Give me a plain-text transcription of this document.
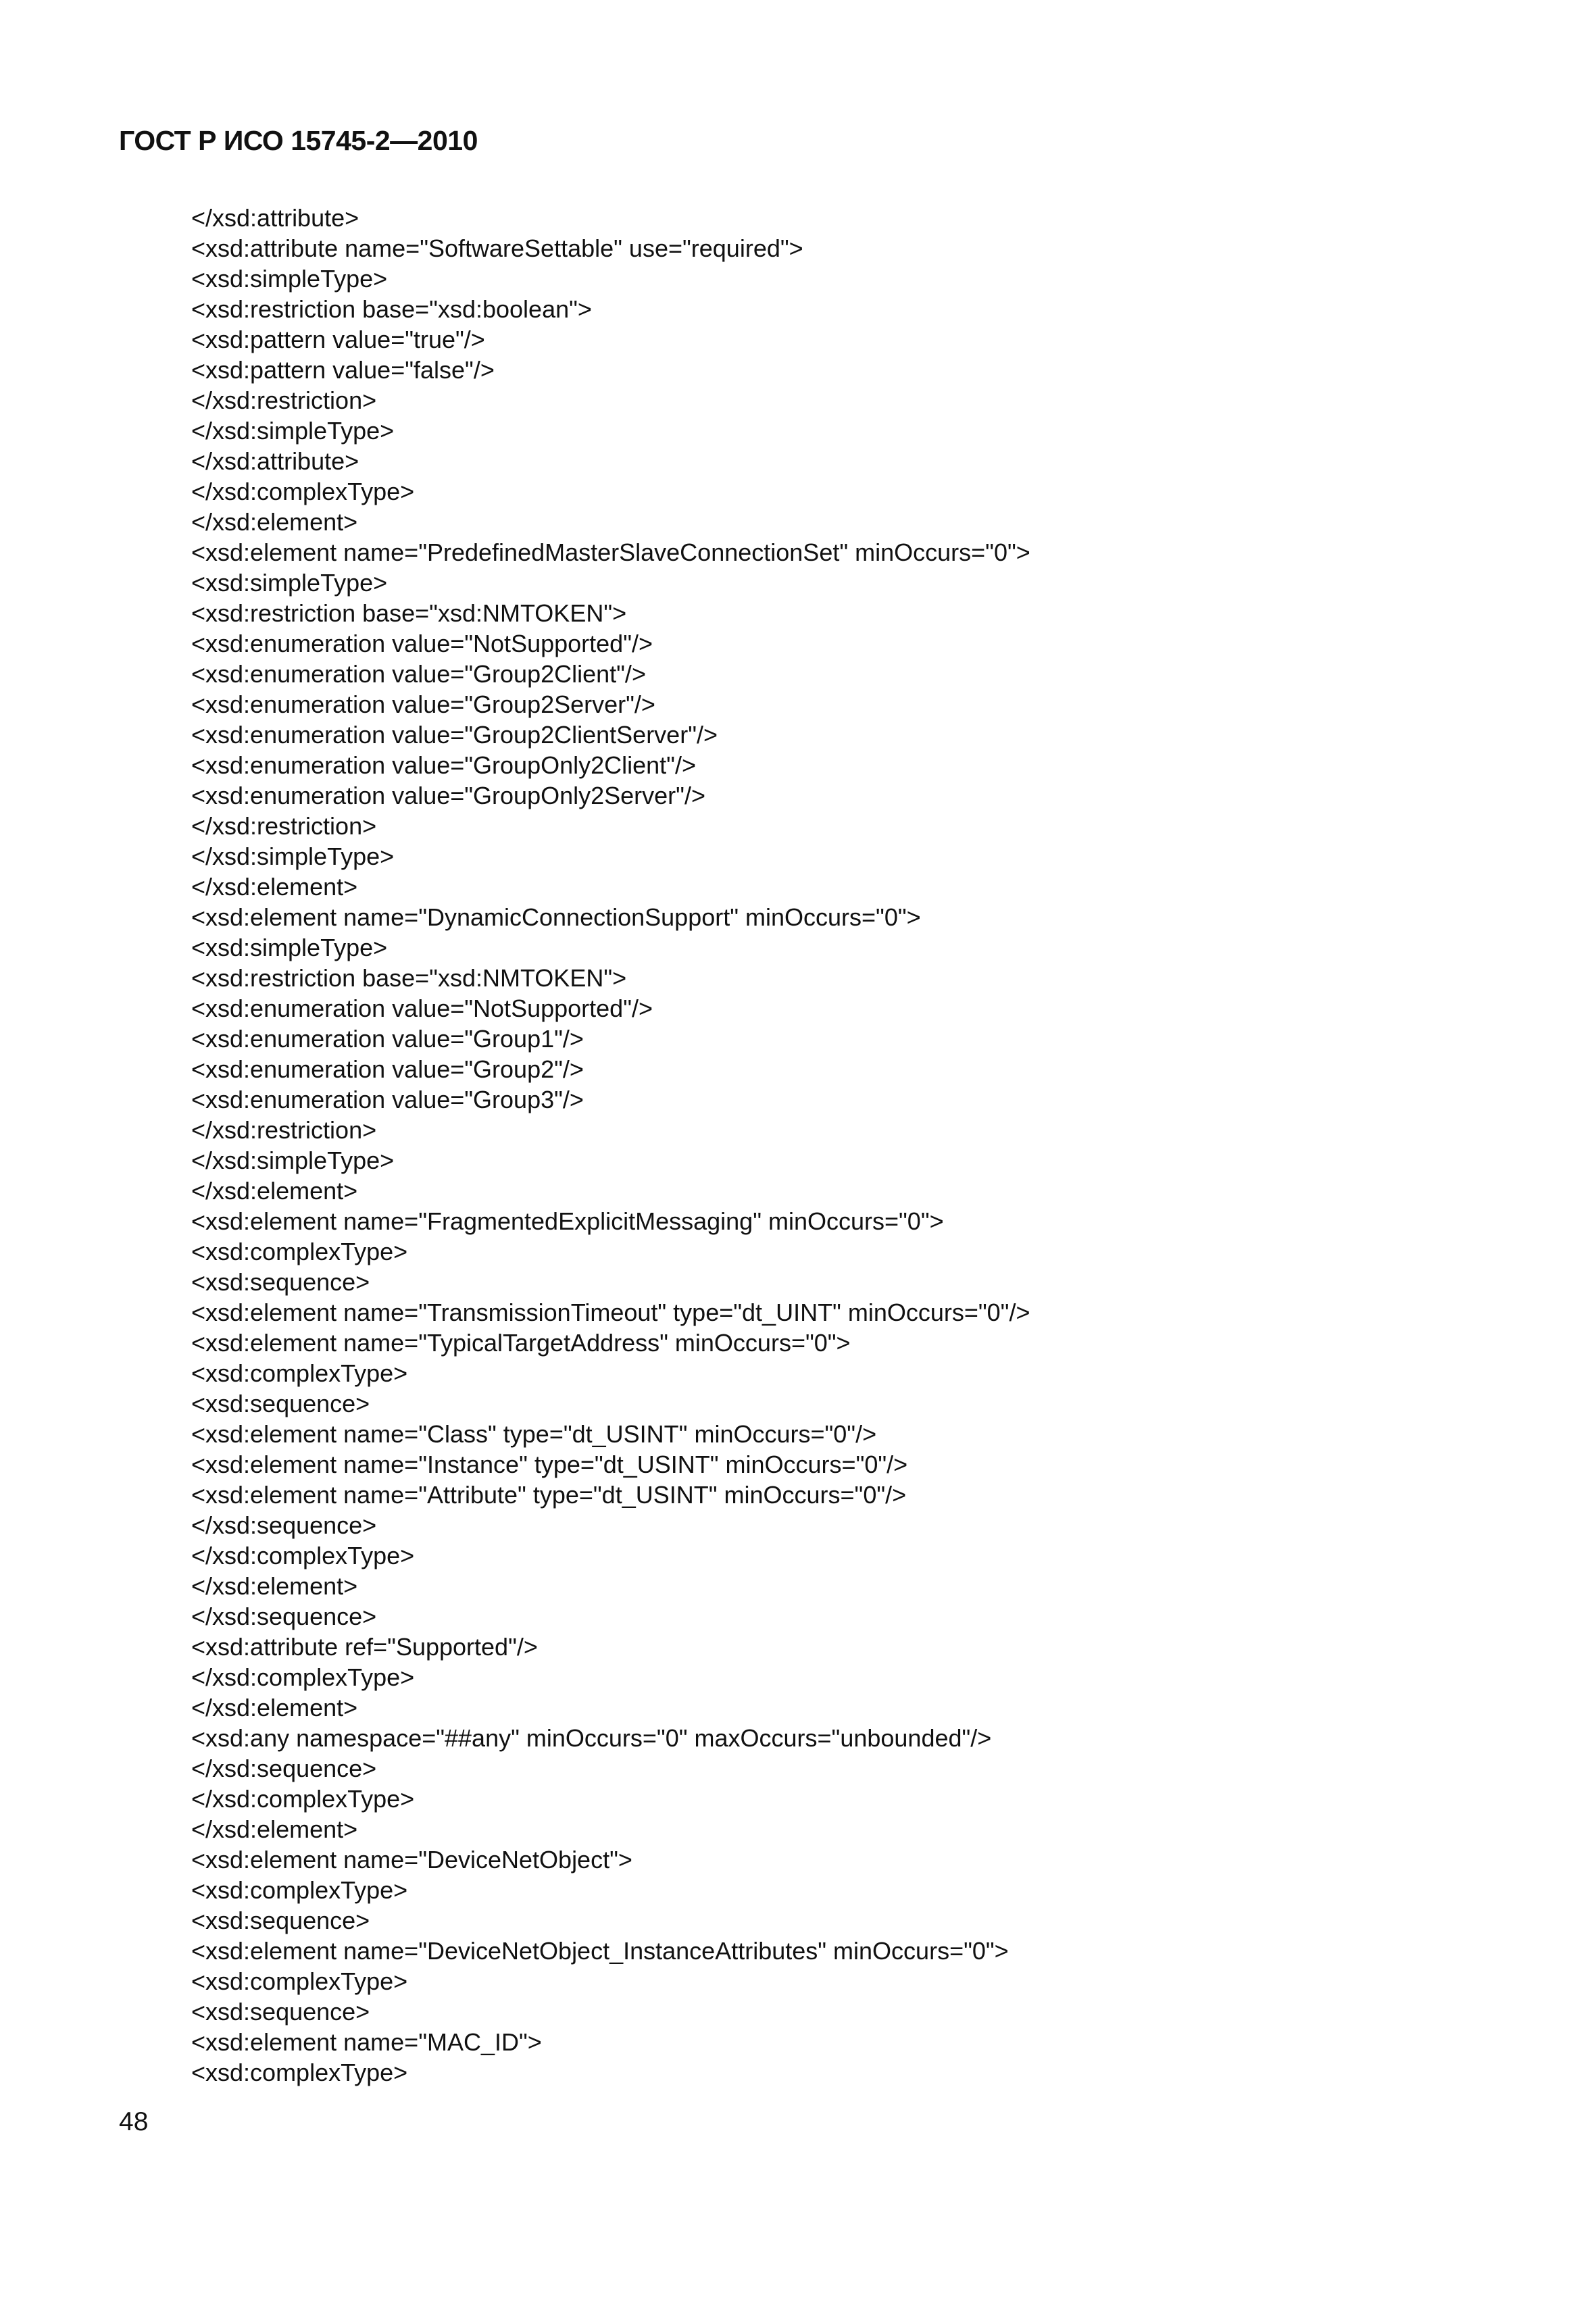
ГОСТ Р ИСО 15745-2—2010
</xsd:attribute>
<xsd:attribute name="SoftwareSettable" use="required">
<xsd:simpleType>
<xsd:restriction base="xsd:boolean">
<xsd:pattern value="true"/>
<xsd:pattern value="false"/>
</xsd:restriction>
</xsd:simpleType>
</xsd:attribute>
</xsd:complexType>
</xsd:element>
<xsd:element name="PredefinedMasterSlaveConnectionSet" minOccurs="0">
<xsd:simpleType>
<xsd:restriction base="xsd:NMTOKEN">
<xsd:enumeration value="NotSupported"/>
<xsd:enumeration value="Group2Client"/>
<xsd:enumeration value="Group2Server"/>
<xsd:enumeration value="Group2ClientServer"/>
<xsd:enumeration value="GroupOnly2Client"/>
<xsd:enumeration value="GroupOnly2Server"/>
</xsd:restriction>
</xsd:simpleType>
</xsd:element>
<xsd:element name="DynamicConnectionSupport" minOccurs="0">
<xsd:simpleType>
<xsd:restriction base="xsd:NMTOKEN">
<xsd:enumeration value="NotSupported"/>
<xsd:enumeration value="Group1"/>
<xsd:enumeration value="Group2"/>
<xsd:enumeration value="Group3"/>
</xsd:restriction>
</xsd:simpleType>
</xsd:element>
<xsd:element name="FragmentedExplicitMessaging" minOccurs="0">
<xsd:complexType>
<xsd:sequence>
<xsd:element name="TransmissionTimeout" type="dt_UINT" minOccurs="0"/>
<xsd:element name="TypicalTargetAddress" minOccurs="0">
<xsd:complexType>
<xsd:sequence>
<xsd:element name="Class" type="dt_USINT" minOccurs="0"/>
<xsd:element name="Instance" type="dt_USINT" minOccurs="0"/>
<xsd:element name="Attribute" type="dt_USINT" minOccurs="0"/>
</xsd:sequence>
</xsd:complexType>
</xsd:element>
</xsd:sequence>
<xsd:attribute ref="Supported"/>
</xsd:complexType>
</xsd:element>
<xsd:any namespace="##any" minOccurs="0" maxOccurs="unbounded"/>
</xsd:sequence>
</xsd:complexType>
</xsd:element>
<xsd:element name="DeviceNetObject">
<xsd:complexType>
<xsd:sequence>
<xsd:element name="DeviceNetObject_InstanceAttributes" minOccurs="0">
<xsd:complexType>
<xsd:sequence>
<xsd:element name="MAC_ID">
<xsd:complexType>
48
